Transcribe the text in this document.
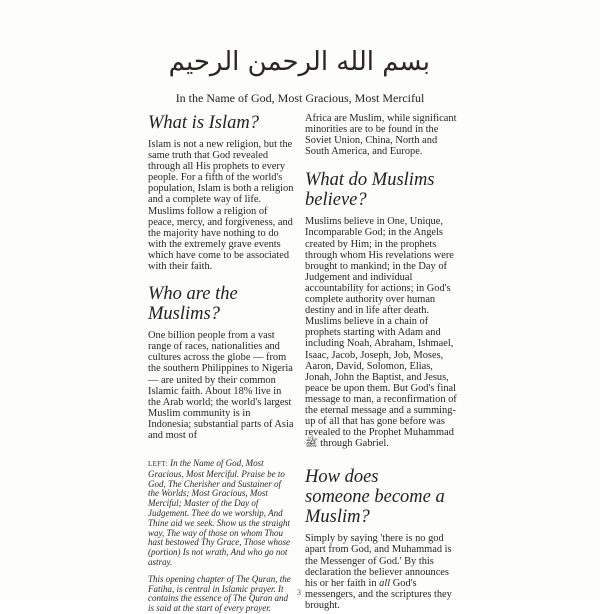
بسم الله الرحمن الرحيم
In the Name of God, Most Gracious, Most Merciful
What is Islam?

Islam is not a new religion, but the same truth that God revealed through all His prophets to every people. For a fifth of the world's population, Islam is both a religion and a complete way of life. Muslims follow a religion of peace, mercy, and forgiveness, and the majority have nothing to do with the extremely grave events which have come to be associated with their faith.

Who are the Muslims?

One billion people from a vast range of races, nationalities and cultures across the globe — from the southern Philippines to Nigeria — are united by their common Islamic faith. About 18% live in the Arab world; the world's largest Muslim community is in Indonesia; substantial parts of Asia and most of

LEFT: In the Name of God, Most Gracious, Most Merciful. Praise be to God, The Cherisher and Sustainer of the Worlds; Most Gracious, Most Merciful; Master of the Day of Judgement. Thee do we worship, And Thine aid we seek. Show us the straight way, The way of those on whom Thou hast bestowed Thy Grace, Those whose (portion) Is not wrath, And who go not astray.

This opening chapter of The Quran, the Fatiha, is central in Islamic prayer. It contains the essence of The Quran and is said at the start of every prayer.

Africa are Muslim, while significant minorities are to be found in the Soviet Union, China, North and South America, and Europe.

What do Muslims believe?

Muslims believe in One, Unique, Incomparable God; in the Angels created by Him; in the prophets through whom His revelations were brought to mankind; in the Day of Judgement and individual accountability for actions; in God's complete authority over human destiny and in life after death. Muslims believe in a chain of prophets starting with Adam and including Noah, Abraham, Ishmael, Isaac, Jacob, Joseph, Job, Moses, Aaron, David, Solomon, Elias, Jonah, John the Baptist, and Jesus, peace be upon them. But God's final message to man, a reconfirmation of the eternal message and a summing-up of all that has gone before was revealed to the Prophet Muhammad ﷺ through Gabriel.

How does someone become a Muslim?

Simply by saying 'there is no god apart from God, and Muhammad is the Messenger of God.' By this declaration the believer announces his or her faith in all God's messengers, and the scriptures they brought.

3
